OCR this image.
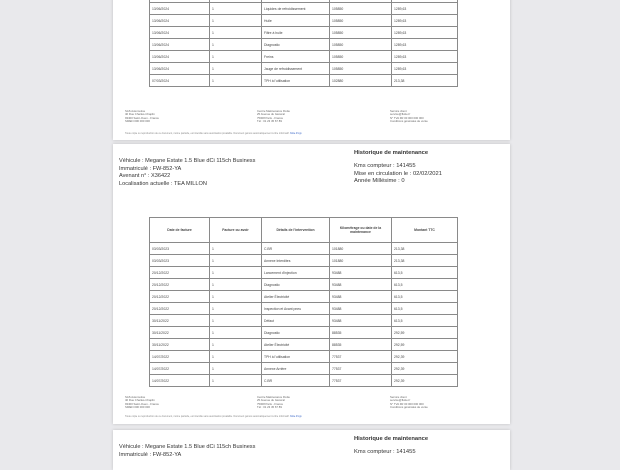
13/06/2024	1	Liquides de refroidissement	105850	1289,63
13/06/2024	1	Huile	105850	1289,63
13/06/2024	1	Filtre à huile	105850	1289,63
13/06/2024	1	Diagnostic	105850	1289,63
13/06/2024	1	Freins	105850	1289,63
13/06/2024	1	Jauge de refroidissement	105850	1289,63
07/03/2024	1	TPH à l'utilisation	102880	213,38
SAS Automotive
40 Rue Charles-Chaplin
93400 Saint-Ouen - France
SIREN 000 000 000
Centre Maintenance Flotte
25 Avenue du Général
75008 Paris - France
Tél : 01 23 45 67 89
Service client
service@flotte.fr
N° TVA FR 00 000 000 000
Conditions générales de vente
Toute copie ou reproduction de ce document, même partielle, est interdite sans autorisation préalable. Document généré automatiquement à titre informatif. flotte.fr/cgv
Véhicule : Megane Estate 1.5 Blue dCi 115ch Business
Immatriculé : FW-852-YA
Avenant n° : X36422
Localisation actuelle : TEA MILLON
Historique de maintenance
Kms compteur : 141455
Mise en circulation le : 02/02/2021
Année Millésime : 0
Date de facture	Facture ou avoir	Détails de l'intervention	Kilométrage ou date de la maintenance	Montant TTC
03/03/2023	1	C.BR	101880	213,38
03/03/2023	1	Annexe Interdites	101880	213,38
20/12/2022	1	Lancement d'injection	93488	613,5
20/12/2022	1	Diagnostic	93488	613,5
20/12/2022	1	Atelier Électricité	93488	613,5
20/12/2022	1	Inspection et Avant pneu	93488	613,5
30/11/2022	1	Défaut	93488	613,5
30/11/2022	1	Diagnostic	88535	292,59
30/11/2022	1	Atelier Électricité	88535	292,59
14/07/2022	1	TPH à l'utilisation	77537	292,39
14/07/2022	1	Annexe Arrière	77537	292,39
14/07/2022	1	C.BR	77537	292,39
SAS Automotive
40 Rue Charles-Chaplin
93400 Saint-Ouen - France
SIREN 000 000 000
Centre Maintenance Flotte
25 Avenue du Général
75008 Paris - France
Tél : 01 23 45 67 89
Service client
service@flotte.fr
N° TVA FR 00 000 000 000
Conditions générales de vente
Toute copie ou reproduction de ce document, même partielle, est interdite sans autorisation préalable. Document généré automatiquement à titre informatif. flotte.fr/cgv
Véhicule : Megane Estate 1.5 Blue dCi 115ch Business
Immatriculé : FW-852-YA
Historique de maintenance
Kms compteur : 141455
